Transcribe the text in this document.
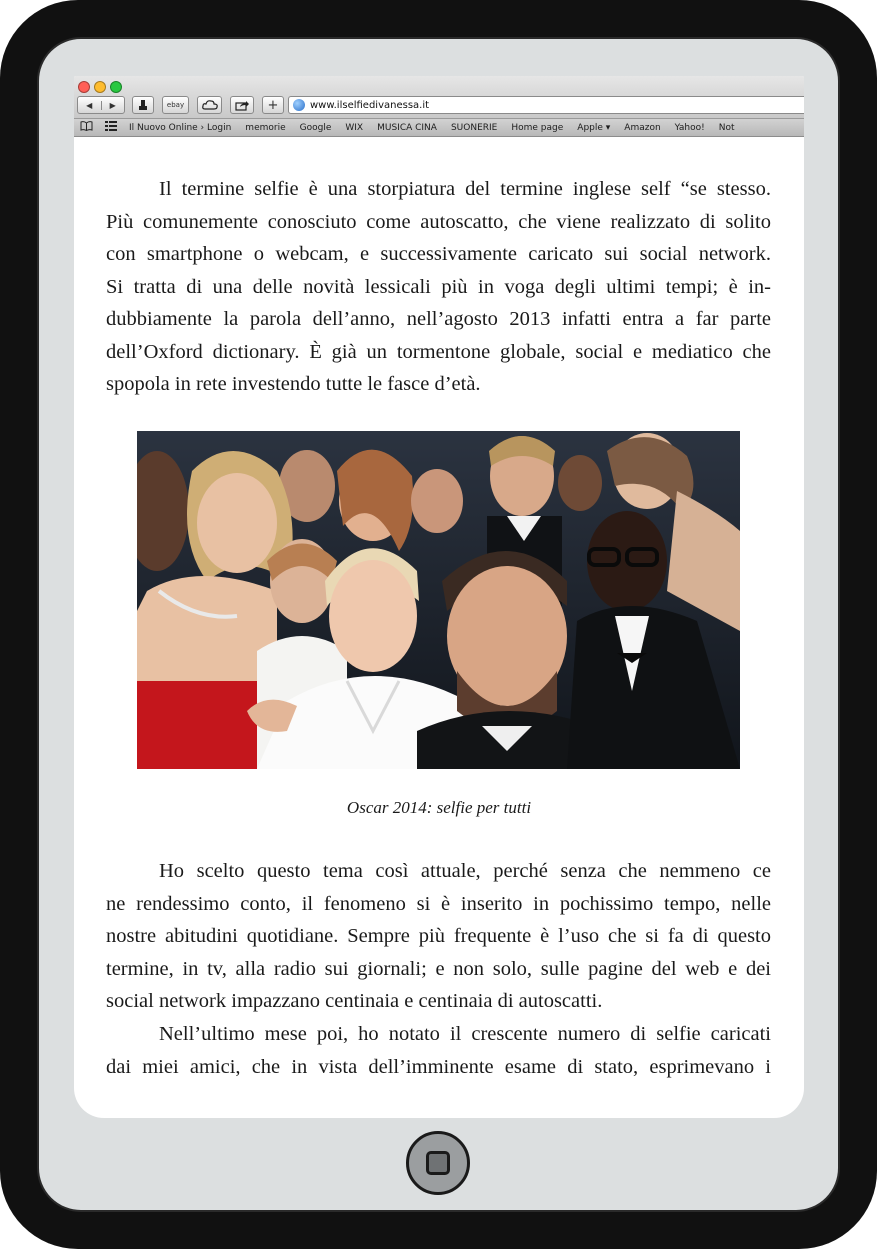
◀	▶	ebay	+	www.ilselfiedivanessa.it
Il Nuovo Online › Login memorie Google WIX MUSICA CINA SUONERIE Home page Apple ▾ Amazon Yahoo! Not
Il termine selfie è una storpiatura del termine inglese self “se stesso.
Più comunemente conosciuto come autoscatto, che viene realizzato di solito
con smartphone o webcam, e successivamente caricato sui social network.
Si tratta di una delle novità lessicali più in voga degli ultimi tempi; è in-
dubbiamente la parola dell’anno, nell’agosto 2013 infatti entra a far parte
dell’Oxford dictionary. È già un tormentone globale, social e mediatico che
spopola in rete investendo tutte le fasce d’età.
Oscar 2014: selfie per tutti
Ho scelto questo tema così attuale, perché senza che nemmeno ce
ne rendessimo conto, il fenomeno si è inserito in pochissimo tempo, nelle
nostre abitudini quotidiane. Sempre più frequente è l’uso che si fa di questo
termine, in tv, alla radio sui giornali; e non solo, sulle pagine del web e dei
social network impazzano centinaia e centinaia di autoscatti.
Nell’ultimo mese poi, ho notato il crescente numero di selfie caricati
dai miei amici, che in vista dell’imminente esame di stato, esprimevano i
